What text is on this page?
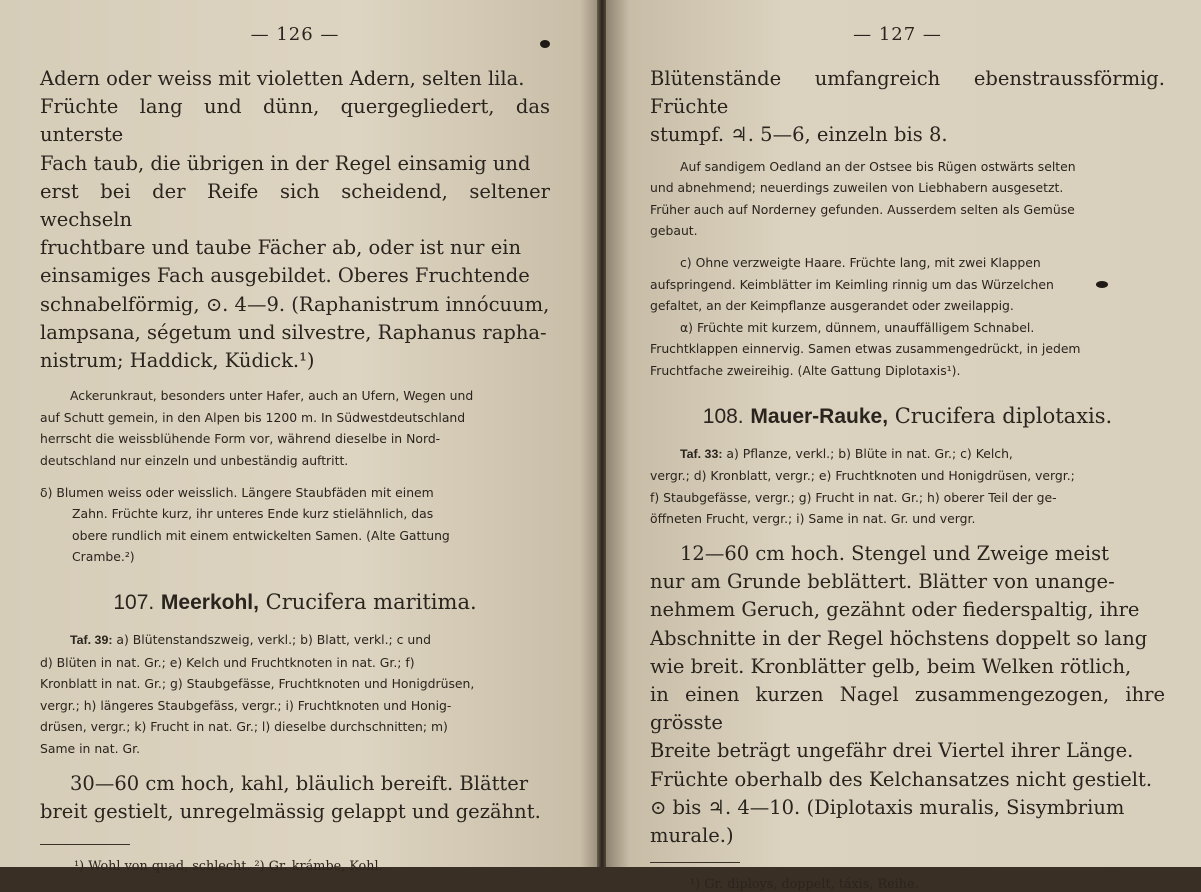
— 126 —
Adern oder weiss mit violetten Adern, selten lila.
Früchte lang und dünn, quergegliedert, das unterste
Fach taub, die übrigen in der Regel einsamig und
erst bei der Reife sich scheidend, seltener wechseln
fruchtbare und taube Fächer ab, oder ist nur ein
einsamiges Fach ausgebildet. Oberes Fruchtende
schnabelförmig, ⊙. 4—9. (Raphanistrum innócuum,
lampsana, ségetum und silvestre, Raphanus rapha-
nistrum; Haddick, Küdick.¹)
Ackerunkraut, besonders unter Hafer, auch an Ufern, Wegen und
auf Schutt gemein, in den Alpen bis 1200 m. In Südwestdeutschland
herrscht die weissblühende Form vor, während dieselbe in Nord-
deutschland nur einzeln und unbeständig auftritt.
δ) Blumen weiss oder weisslich. Längere Staubfäden mit einem
Zahn. Früchte kurz, ihr unteres Ende kurz stielähnlich, das
obere rundlich mit einem entwickelten Samen. (Alte Gattung
Crambe.²)
107. Meerkohl, Crucifera maritima.
Taf. 39: a) Blütenstandszweig, verkl.; b) Blatt, verkl.; c und
d) Blüten in nat. Gr.; e) Kelch und Fruchtknoten in nat. Gr.; f)
Kronblatt in nat. Gr.; g) Staubgefässe, Fruchtknoten und Honigdrüsen,
vergr.; h) längeres Staubgefäss, vergr.; i) Fruchtknoten und Honig-
drüsen, vergr.; k) Frucht in nat. Gr.; l) dieselbe durchschnitten; m)
Same in nat. Gr.
30—60 cm hoch, kahl, bläulich bereift. Blätter
breit gestielt, unregelmässig gelappt und gezähnt.
¹) Wohl von quad, schlecht. ²) Gr. krámbe, Kohl.
— 127 —
Blütenstände umfangreich ebenstraussförmig. Früchte
stumpf. ♃. 5—6, einzeln bis 8.
Auf sandigem Oedland an der Ostsee bis Rügen ostwärts selten
und abnehmend; neuerdings zuweilen von Liebhabern ausgesetzt.
Früher auch auf Norderney gefunden. Ausserdem selten als Gemüse
gebaut.
c) Ohne verzweigte Haare. Früchte lang, mit zwei Klappen
aufspringend. Keimblätter im Keimling rinnig um das Würzelchen
gefaltet, an der Keimpflanze ausgerandet oder zweilappig.
α) Früchte mit kurzem, dünnem, unauffälligem Schnabel.
Fruchtklappen einnervig. Samen etwas zusammengedrückt, in jedem
Fruchtfache zweireihig. (Alte Gattung Diplotaxis¹).
108. Mauer-Rauke, Crucifera diplotaxis.
Taf. 33: a) Pflanze, verkl.; b) Blüte in nat. Gr.; c) Kelch,
vergr.; d) Kronblatt, vergr.; e) Fruchtknoten und Honigdrüsen, vergr.;
f) Staubgefässe, vergr.; g) Frucht in nat. Gr.; h) oberer Teil der ge-
öffneten Frucht, vergr.; i) Same in nat. Gr. und vergr.
12—60 cm hoch. Stengel und Zweige meist
nur am Grunde beblättert. Blätter von unange-
nehmem Geruch, gezähnt oder fiederspaltig, ihre
Abschnitte in der Regel höchstens doppelt so lang
wie breit. Kronblätter gelb, beim Welken rötlich,
in einen kurzen Nagel zusammengezogen, ihre grösste
Breite beträgt ungefähr drei Viertel ihrer Länge.
Früchte oberhalb des Kelchansatzes nicht gestielt.
⊙ bis ♃. 4—10. (Diplotaxis muralis, Sisymbrium
murale.)
¹) Gr. diploys, doppelt, táxis, Reihe.
